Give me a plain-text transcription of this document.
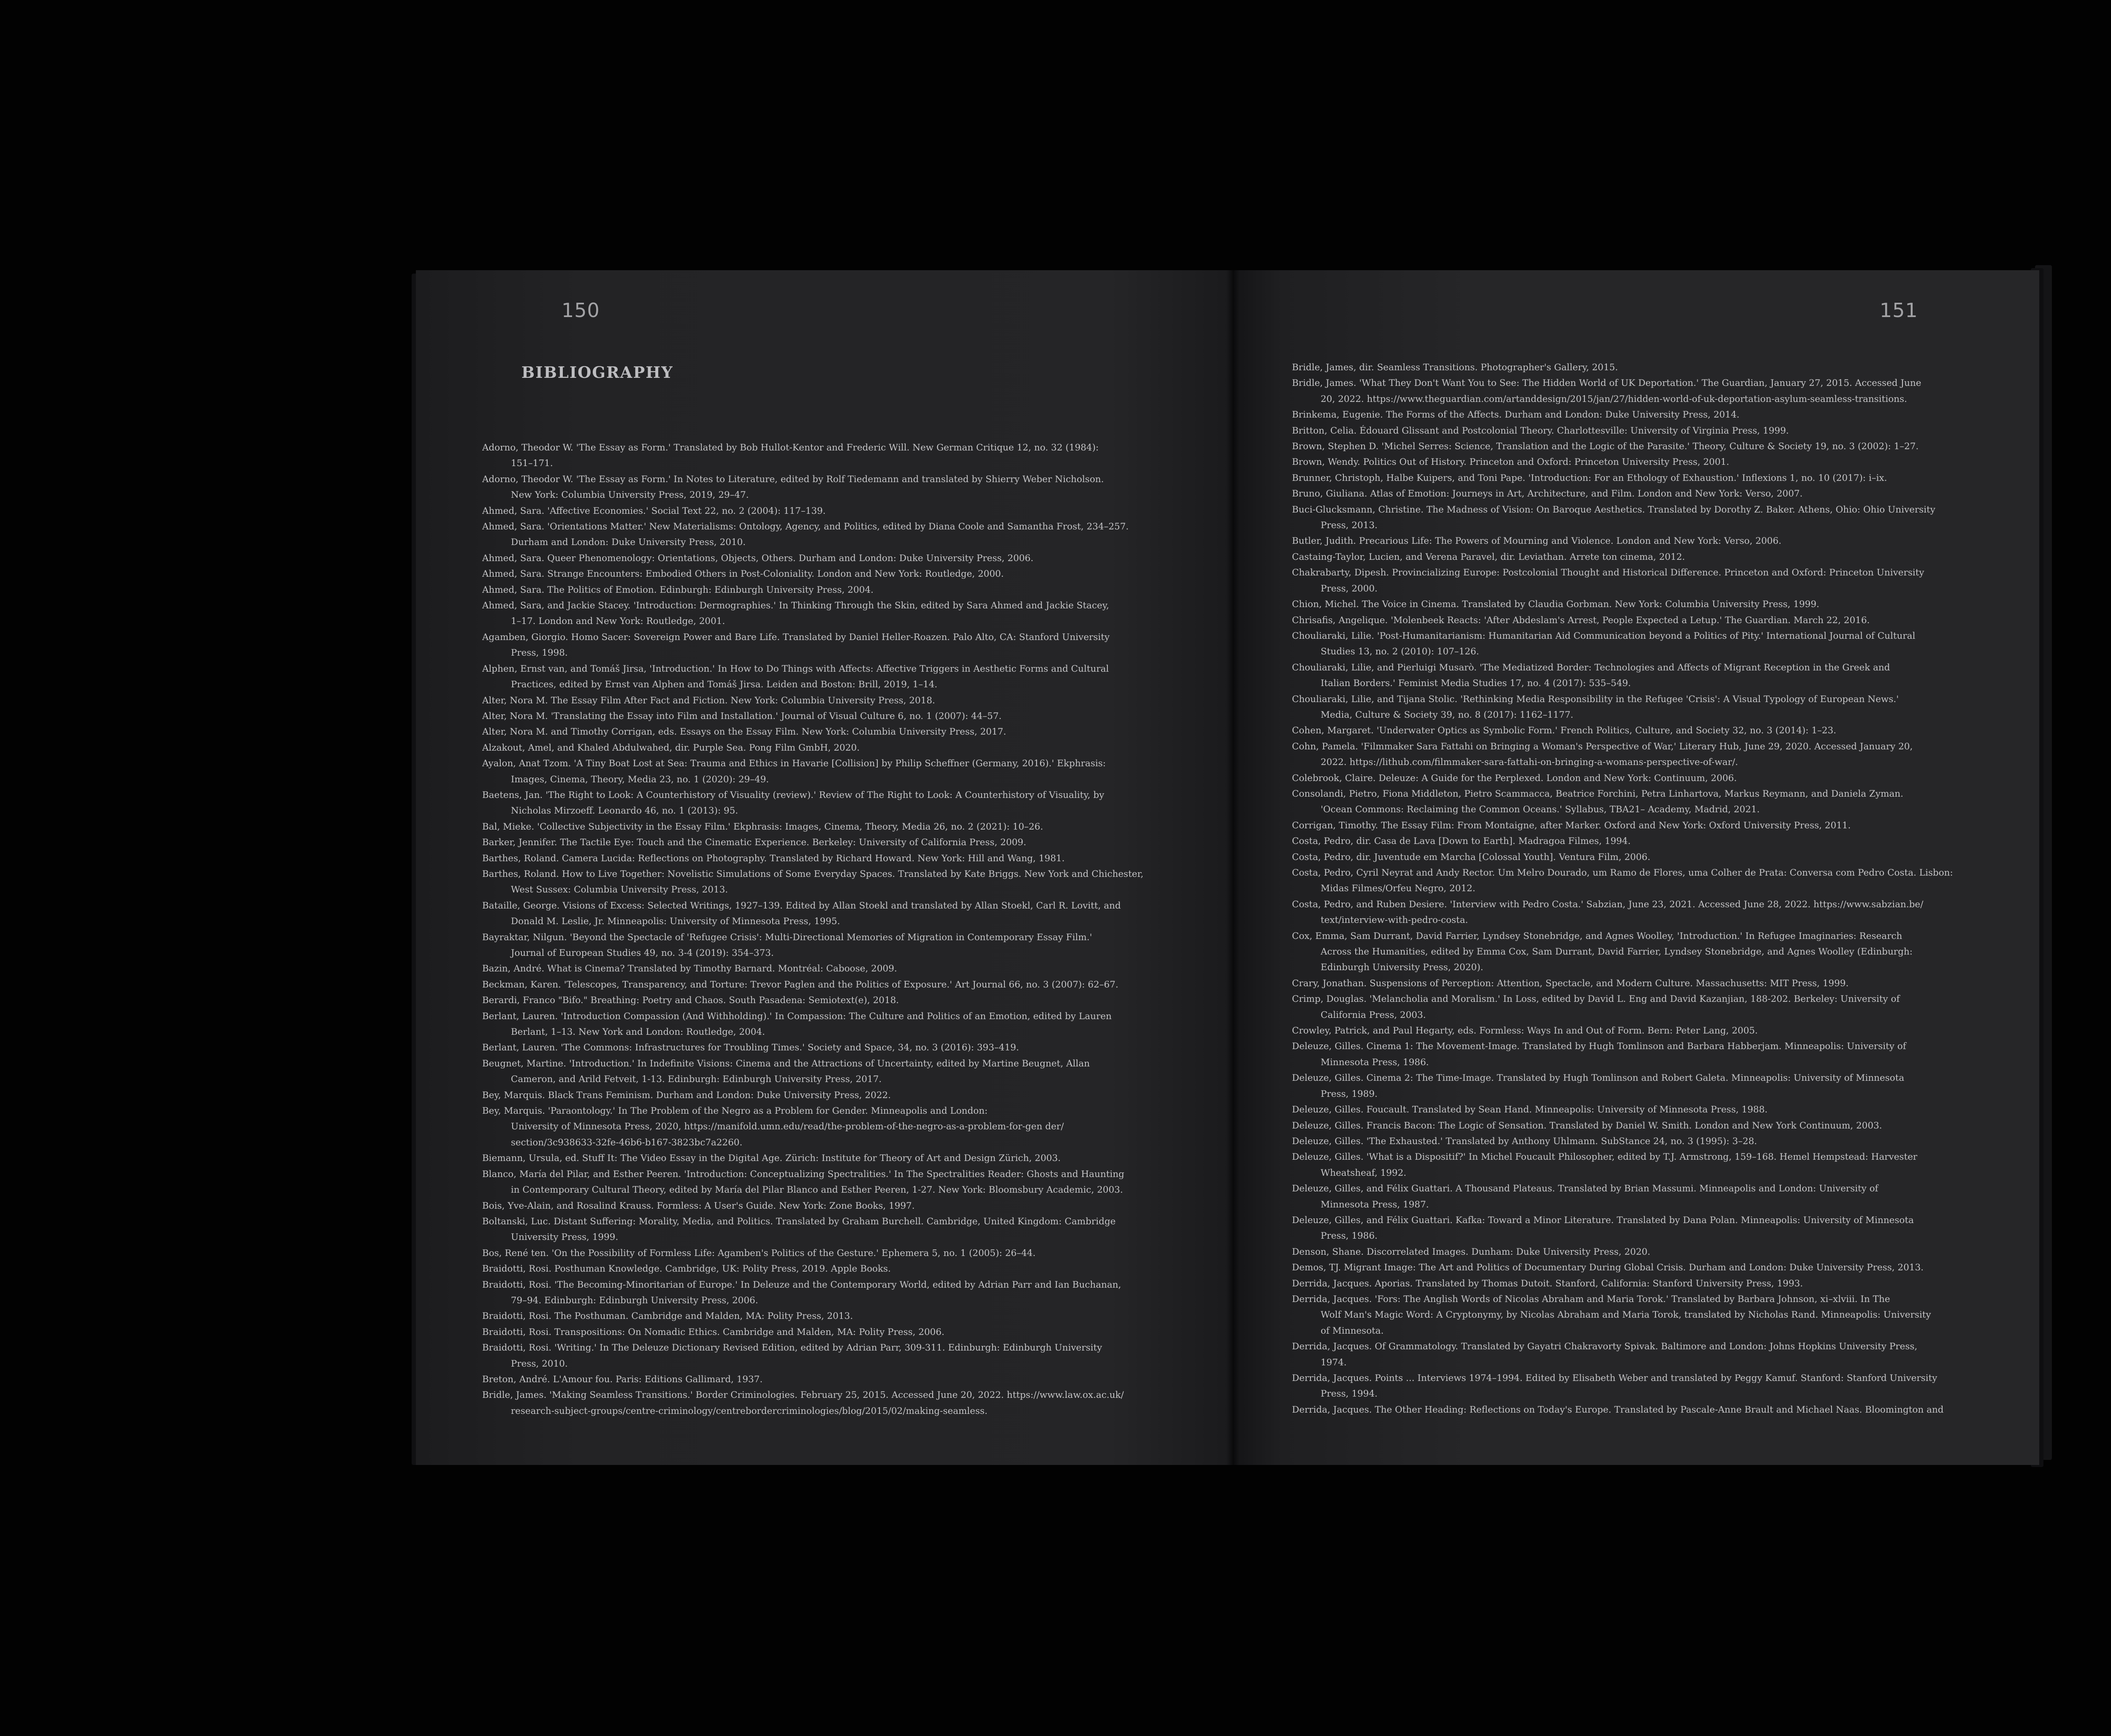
150	151
BIBLIOGRAPHY
Adorno, Theodor W. 'The Essay as Form.' Translated by Bob Hullot-Kentor and Frederic Will. New German Critique 12, no. 32 (1984):
151–171.
Adorno, Theodor W. 'The Essay as Form.' In Notes to Literature, edited by Rolf Tiedemann and translated by Shierry Weber Nicholson.
New York: Columbia University Press, 2019, 29–47.
Ahmed, Sara. 'Affective Economies.' Social Text 22, no. 2 (2004): 117–139.
Ahmed, Sara. 'Orientations Matter.' New Materialisms: Ontology, Agency, and Politics, edited by Diana Coole and Samantha Frost, 234–257.
Durham and London: Duke University Press, 2010.
Ahmed, Sara. Queer Phenomenology: Orientations, Objects, Others. Durham and London: Duke University Press, 2006.
Ahmed, Sara. Strange Encounters: Embodied Others in Post-Coloniality. London and New York: Routledge, 2000.
Ahmed, Sara. The Politics of Emotion. Edinburgh: Edinburgh University Press, 2004.
Ahmed, Sara, and Jackie Stacey. 'Introduction: Dermographies.' In Thinking Through the Skin, edited by Sara Ahmed and Jackie Stacey,
1–17. London and New York: Routledge, 2001.
Agamben, Giorgio. Homo Sacer: Sovereign Power and Bare Life. Translated by Daniel Heller-Roazen. Palo Alto, CA: Stanford University
Press, 1998.
Alphen, Ernst van, and Tomáš Jirsa, 'Introduction.' In How to Do Things with Affects: Affective Triggers in Aesthetic Forms and Cultural
Practices, edited by Ernst van Alphen and Tomáš Jirsa. Leiden and Boston: Brill, 2019, 1–14.
Alter, Nora M. The Essay Film After Fact and Fiction. New York: Columbia University Press, 2018.
Alter, Nora M. 'Translating the Essay into Film and Installation.' Journal of Visual Culture 6, no. 1 (2007): 44–57.
Alter, Nora M. and Timothy Corrigan, eds. Essays on the Essay Film. New York: Columbia University Press, 2017.
Alzakout, Amel, and Khaled Abdulwahed, dir. Purple Sea. Pong Film GmbH, 2020.
Ayalon, Anat Tzom. 'A Tiny Boat Lost at Sea: Trauma and Ethics in Havarie [Collision] by Philip Scheffner (Germany, 2016).' Ekphrasis:
Images, Cinema, Theory, Media 23, no. 1 (2020): 29–49.
Baetens, Jan. 'The Right to Look: A Counterhistory of Visuality (review).' Review of The Right to Look: A Counterhistory of Visuality, by
Nicholas Mirzoeff. Leonardo 46, no. 1 (2013): 95.
Bal, Mieke. 'Collective Subjectivity in the Essay Film.' Ekphrasis: Images, Cinema, Theory, Media 26, no. 2 (2021): 10–26.
Barker, Jennifer. The Tactile Eye: Touch and the Cinematic Experience. Berkeley: University of California Press, 2009.
Barthes, Roland. Camera Lucida: Reflections on Photography. Translated by Richard Howard. New York: Hill and Wang, 1981.
Barthes, Roland. How to Live Together: Novelistic Simulations of Some Everyday Spaces. Translated by Kate Briggs. New York and Chichester,
West Sussex: Columbia University Press, 2013.
Bataille, George. Visions of Excess: Selected Writings, 1927–139. Edited by Allan Stoekl and translated by Allan Stoekl, Carl R. Lovitt, and
Donald M. Leslie, Jr. Minneapolis: University of Minnesota Press, 1995.
Bayraktar, Nilgun. 'Beyond the Spectacle of 'Refugee Crisis': Multi-Directional Memories of Migration in Contemporary Essay Film.'
Journal of European Studies 49, no. 3-4 (2019): 354–373.
Bazin, André. What is Cinema? Translated by Timothy Barnard. Montréal: Caboose, 2009.
Beckman, Karen. 'Telescopes, Transparency, and Torture: Trevor Paglen and the Politics of Exposure.' Art Journal 66, no. 3 (2007): 62–67.
Berardi, Franco "Bifo." Breathing: Poetry and Chaos. South Pasadena: Semiotext(e), 2018.
Berlant, Lauren. 'Introduction Compassion (And Withholding).' In Compassion: The Culture and Politics of an Emotion, edited by Lauren
Berlant, 1–13. New York and London: Routledge, 2004.
Berlant, Lauren. 'The Commons: Infrastructures for Troubling Times.' Society and Space, 34, no. 3 (2016): 393–419.
Beugnet, Martine. 'Introduction.' In Indefinite Visions: Cinema and the Attractions of Uncertainty, edited by Martine Beugnet, Allan
Cameron, and Arild Fetveit, 1-13. Edinburgh: Edinburgh University Press, 2017.
Bey, Marquis. Black Trans Feminism. Durham and London: Duke University Press, 2022.
Bey, Marquis. 'Paraontology.' In The Problem of the Negro as a Problem for Gender. Minneapolis and London:
University of Minnesota Press, 2020, https://manifold.umn.edu/read/the-problem-of-the-negro-as-a-problem-for-gen der/
section/3c938633-32fe-46b6-b167-3823bc7a2260.
Biemann, Ursula, ed. Stuff It: The Video Essay in the Digital Age. Zürich: Institute for Theory of Art and Design Zürich, 2003.
Blanco, María del Pilar, and Esther Peeren. 'Introduction: Conceptualizing Spectralities.' In The Spectralities Reader: Ghosts and Haunting
in Contemporary Cultural Theory, edited by María del Pilar Blanco and Esther Peeren, 1-27. New York: Bloomsbury Academic, 2003.
Bois, Yve-Alain, and Rosalind Krauss. Formless: A User's Guide. New York: Zone Books, 1997.
Boltanski, Luc. Distant Suffering: Morality, Media, and Politics. Translated by Graham Burchell. Cambridge, United Kingdom: Cambridge
University Press, 1999.
Bos, René ten. 'On the Possibility of Formless Life: Agamben's Politics of the Gesture.' Ephemera 5, no. 1 (2005): 26–44.
Braidotti, Rosi. Posthuman Knowledge. Cambridge, UK: Polity Press, 2019. Apple Books.
Braidotti, Rosi. 'The Becoming-Minoritarian of Europe.' In Deleuze and the Contemporary World, edited by Adrian Parr and Ian Buchanan,
79–94. Edinburgh: Edinburgh University Press, 2006.
Braidotti, Rosi. The Posthuman. Cambridge and Malden, MA: Polity Press, 2013.
Braidotti, Rosi. Transpositions: On Nomadic Ethics. Cambridge and Malden, MA: Polity Press, 2006.
Braidotti, Rosi. 'Writing.' In The Deleuze Dictionary Revised Edition, edited by Adrian Parr, 309-311. Edinburgh: Edinburgh University
Press, 2010.
Breton, André. L'Amour fou. Paris: Editions Gallimard, 1937.
Bridle, James. 'Making Seamless Transitions.' Border Criminologies. February 25, 2015. Accessed June 20, 2022. https://www.law.ox.ac.uk/
research-subject-groups/centre-criminology/centrebordercriminologies/blog/2015/02/making-seamless.
Bridle, James, dir. Seamless Transitions. Photographer's Gallery, 2015.
Bridle, James. 'What They Don't Want You to See: The Hidden World of UK Deportation.' The Guardian, January 27, 2015. Accessed June
20, 2022. https://www.theguardian.com/artanddesign/2015/jan/27/hidden-world-of-uk-deportation-asylum-seamless-transitions.
Brinkema, Eugenie. The Forms of the Affects. Durham and London: Duke University Press, 2014.
Britton, Celia. Édouard Glissant and Postcolonial Theory. Charlottesville: University of Virginia Press, 1999.
Brown, Stephen D. 'Michel Serres: Science, Translation and the Logic of the Parasite.' Theory, Culture & Society 19, no. 3 (2002): 1–27.
Brown, Wendy. Politics Out of History. Princeton and Oxford: Princeton University Press, 2001.
Brunner, Christoph, Halbe Kuipers, and Toni Pape. 'Introduction: For an Ethology of Exhaustion.' Inflexions 1, no. 10 (2017): i–ix.
Bruno, Giuliana. Atlas of Emotion: Journeys in Art, Architecture, and Film. London and New York: Verso, 2007.
Buci-Glucksmann, Christine. The Madness of Vision: On Baroque Aesthetics. Translated by Dorothy Z. Baker. Athens, Ohio: Ohio University
Press, 2013.
Butler, Judith. Precarious Life: The Powers of Mourning and Violence. London and New York: Verso, 2006.
Castaing-Taylor, Lucien, and Verena Paravel, dir. Leviathan. Arrete ton cinema, 2012.
Chakrabarty, Dipesh. Provincializing Europe: Postcolonial Thought and Historical Difference. Princeton and Oxford: Princeton University
Press, 2000.
Chion, Michel. The Voice in Cinema. Translated by Claudia Gorbman. New York: Columbia University Press, 1999.
Chrisafis, Angelique. 'Molenbeek Reacts: 'After Abdeslam's Arrest, People Expected a Letup.' The Guardian. March 22, 2016.
Chouliaraki, Lilie. 'Post-Humanitarianism: Humanitarian Aid Communication beyond a Politics of Pity.' International Journal of Cultural
Studies 13, no. 2 (2010): 107–126.
Chouliaraki, Lilie, and Pierluigi Musarò. 'The Mediatized Border: Technologies and Affects of Migrant Reception in the Greek and
Italian Borders.' Feminist Media Studies 17, no. 4 (2017): 535–549.
Chouliaraki, Lilie, and Tijana Stolic. 'Rethinking Media Responsibility in the Refugee 'Crisis': A Visual Typology of European News.'
Media, Culture & Society 39, no. 8 (2017): 1162–1177.
Cohen, Margaret. 'Underwater Optics as Symbolic Form.' French Politics, Culture, and Society 32, no. 3 (2014): 1–23.
Cohn, Pamela. 'Filmmaker Sara Fattahi on Bringing a Woman's Perspective of War,' Literary Hub, June 29, 2020. Accessed January 20,
2022. https://lithub.com/filmmaker-sara-fattahi-on-bringing-a-womans-perspective-of-war/.
Colebrook, Claire. Deleuze: A Guide for the Perplexed. London and New York: Continuum, 2006.
Consolandi, Pietro, Fiona Middleton, Pietro Scammacca, Beatrice Forchini, Petra Linhartova, Markus Reymann, and Daniela Zyman.
'Ocean Commons: Reclaiming the Common Oceans.' Syllabus, TBA21– Academy, Madrid, 2021.
Corrigan, Timothy. The Essay Film: From Montaigne, after Marker. Oxford and New York: Oxford University Press, 2011.
Costa, Pedro, dir. Casa de Lava [Down to Earth]. Madragoa Filmes, 1994.
Costa, Pedro, dir. Juventude em Marcha [Colossal Youth]. Ventura Film, 2006.
Costa, Pedro, Cyril Neyrat and Andy Rector. Um Melro Dourado, um Ramo de Flores, uma Colher de Prata: Conversa com Pedro Costa. Lisbon:
Midas Filmes/Orfeu Negro, 2012.
Costa, Pedro, and Ruben Desiere. 'Interview with Pedro Costa.' Sabzian, June 23, 2021. Accessed June 28, 2022. https://www.sabzian.be/
text/interview-with-pedro-costa.
Cox, Emma, Sam Durrant, David Farrier, Lyndsey Stonebridge, and Agnes Woolley, 'Introduction.' In Refugee Imaginaries: Research
Across the Humanities, edited by Emma Cox, Sam Durrant, David Farrier, Lyndsey Stonebridge, and Agnes Woolley (Edinburgh:
Edinburgh University Press, 2020).
Crary, Jonathan. Suspensions of Perception: Attention, Spectacle, and Modern Culture. Massachusetts: MIT Press, 1999.
Crimp, Douglas. 'Melancholia and Moralism.' In Loss, edited by David L. Eng and David Kazanjian, 188-202. Berkeley: University of
California Press, 2003.
Crowley, Patrick, and Paul Hegarty, eds. Formless: Ways In and Out of Form. Bern: Peter Lang, 2005.
Deleuze, Gilles. Cinema 1: The Movement-Image. Translated by Hugh Tomlinson and Barbara Habberjam. Minneapolis: University of
Minnesota Press, 1986.
Deleuze, Gilles. Cinema 2: The Time-Image. Translated by Hugh Tomlinson and Robert Galeta. Minneapolis: University of Minnesota
Press, 1989.
Deleuze, Gilles. Foucault. Translated by Sean Hand. Minneapolis: University of Minnesota Press, 1988.
Deleuze, Gilles. Francis Bacon: The Logic of Sensation. Translated by Daniel W. Smith. London and New York Continuum, 2003.
Deleuze, Gilles. 'The Exhausted.' Translated by Anthony Uhlmann. SubStance 24, no. 3 (1995): 3–28.
Deleuze, Gilles. 'What is a Dispositif?' In Michel Foucault Philosopher, edited by T.J. Armstrong, 159–168. Hemel Hempstead: Harvester
Wheatsheaf, 1992.
Deleuze, Gilles, and Félix Guattari. A Thousand Plateaus. Translated by Brian Massumi. Minneapolis and London: University of
Minnesota Press, 1987.
Deleuze, Gilles, and Félix Guattari. Kafka: Toward a Minor Literature. Translated by Dana Polan. Minneapolis: University of Minnesota
Press, 1986.
Denson, Shane. Discorrelated Images. Dunham: Duke University Press, 2020.
Demos, TJ. Migrant Image: The Art and Politics of Documentary During Global Crisis. Durham and London: Duke University Press, 2013.
Derrida, Jacques. Aporias. Translated by Thomas Dutoit. Stanford, California: Stanford University Press, 1993.
Derrida, Jacques. 'Fors: The Anglish Words of Nicolas Abraham and Maria Torok.' Translated by Barbara Johnson, xi–xlviii. In The
Wolf Man's Magic Word: A Cryptonymy, by Nicolas Abraham and Maria Torok, translated by Nicholas Rand. Minneapolis: University
of Minnesota.
Derrida, Jacques. Of Grammatology. Translated by Gayatri Chakravorty Spivak. Baltimore and London: Johns Hopkins University Press,
1974.
Derrida, Jacques. Points ... Interviews 1974–1994. Edited by Elisabeth Weber and translated by Peggy Kamuf. Stanford: Stanford University
Press, 1994.
Derrida, Jacques. The Other Heading: Reflections on Today's Europe. Translated by Pascale-Anne Brault and Michael Naas. Bloomington and
